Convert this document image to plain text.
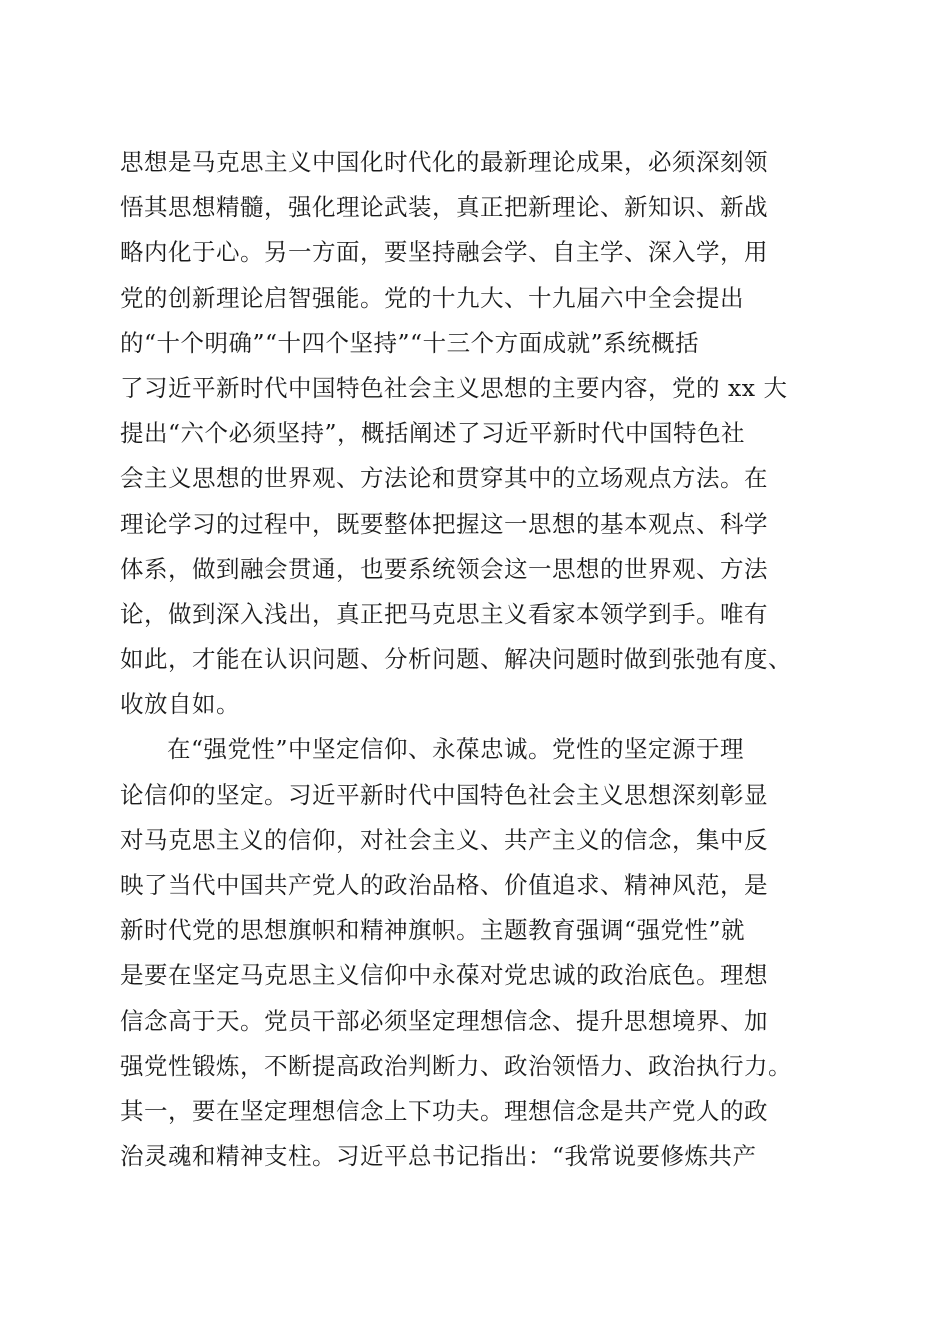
思想是马克思主义中国化时代化的最新理论成果，必须深刻领
悟其思想精髓，强化理论武装，真正把新理论、新知识、新战
略内化于心。另一方面，要坚持融会学、自主学、深入学，用
党的创新理论启智强能。党的十九大、十九届六中全会提出
的“十个明确”“十四个坚持”“十三个方面成就”系统概括
了习近平新时代中国特色社会主义思想的主要内容，党的 xx 大
提出“六个必须坚持”，概括阐述了习近平新时代中国特色社
会主义思想的世界观、方法论和贯穿其中的立场观点方法。在
理论学习的过程中，既要整体把握这一思想的基本观点、科学
体系，做到融会贯通，也要系统领会这一思想的世界观、方法
论，做到深入浅出，真正把马克思主义看家本领学到手。唯有
如此，才能在认识问题、分析问题、解决问题时做到张弛有度、
收放自如。
在“强党性”中坚定信仰、永葆忠诚。党性的坚定源于理
论信仰的坚定。习近平新时代中国特色社会主义思想深刻彰显
对马克思主义的信仰，对社会主义、共产主义的信念，集中反
映了当代中国共产党人的政治品格、价值追求、精神风范，是
新时代党的思想旗帜和精神旗帜。主题教育强调“强党性”就
是要在坚定马克思主义信仰中永葆对党忠诚的政治底色。理想
信念高于天。党员干部必须坚定理想信念、提升思想境界、加
强党性锻炼，不断提高政治判断力、政治领悟力、政治执行力。
其一，要在坚定理想信念上下功夫。理想信念是共产党人的政
治灵魂和精神支柱。习近平总书记指出：“我常说要修炼共产
